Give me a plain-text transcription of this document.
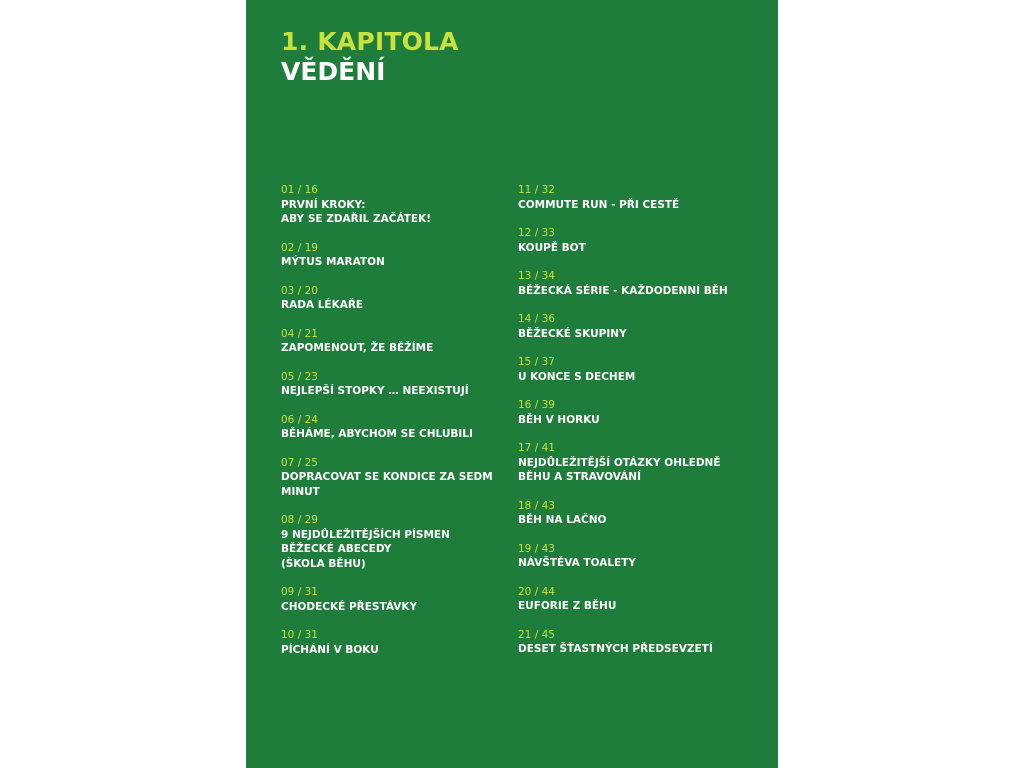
1. KAPITOLA
VĚDĚNÍ
01 / 16
PRVNÍ KROKY:
ABY SE ZDAŘIL ZAČÁTEK!
02 / 19
MÝTUS MARATON
03 / 20
RADA LÉKAŘE
04 / 21
ZAPOMENOUT, ŽE BĚŽÍME
05 / 23
NEJLEPŠÍ STOPKY … NEEXISTUJÍ
06 / 24
BĚHÁME, ABYCHOM SE CHLUBILI
07 / 25
DOPRACOVAT SE KONDICE ZA SEDM
MINUT
08 / 29
9 NEJDŮLEŽITĚJŠÍCH PÍSMEN
BĚŽECKÉ ABECEDY
(ŠKOLA BĚHU)
09 / 31
CHODECKÉ PŘESTÁVKY
10 / 31
PÍCHÁNÍ V BOKU
11 / 32
COMMUTE RUN - PŘI CESTĚ
12 / 33
KOUPĚ BOT
13 / 34
BĚŽECKÁ SÉRIE - KAŽDODENNÍ BĚH
14 / 36
BĚŽECKÉ SKUPINY
15 / 37
U KONCE S DECHEM
16 / 39
BĚH V HORKU
17 / 41
NEJDŮLEŽITĚJŠÍ OTÁZKY OHLEDNĚ
BĚHU A STRAVOVÁNÍ
18 / 43
BĚH NA LAČNO
19 / 43
NÁVŠTĚVA TOALETY
20 / 44
EUFORIE Z BĚHU
21 / 45
DESET ŠŤASTNÝCH PŘEDSEVZETÍ
